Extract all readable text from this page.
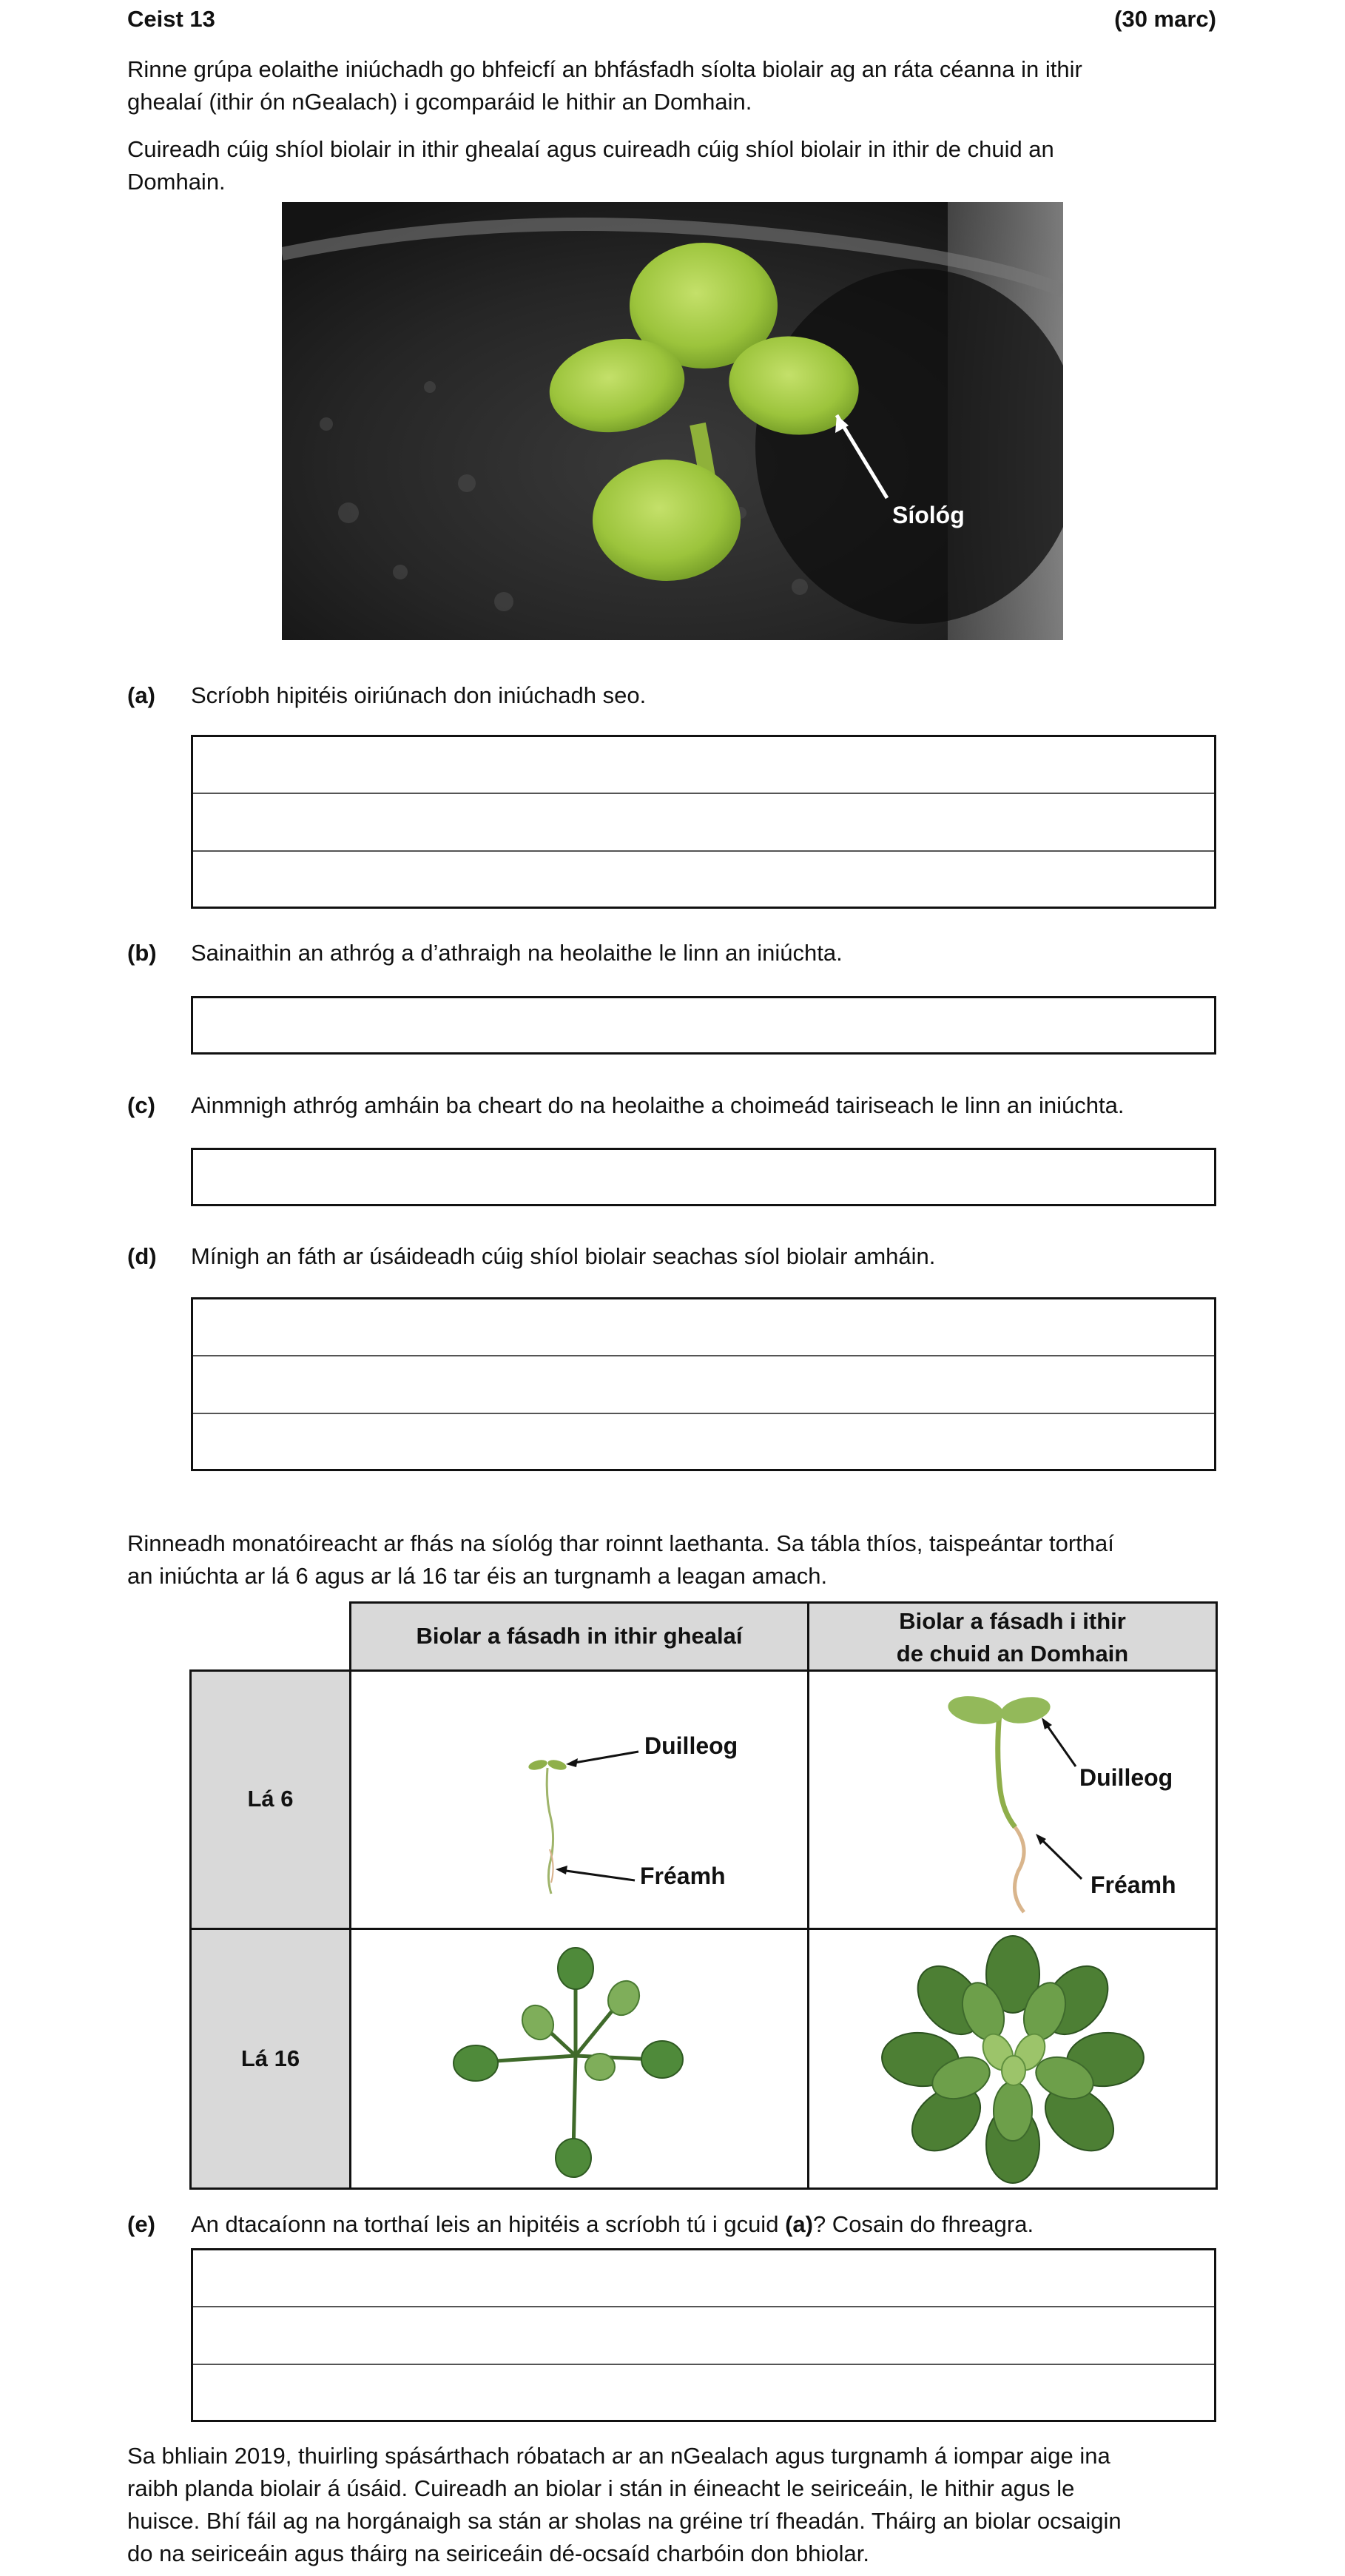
Ceist 13	(30 marc)
Rinne grúpa eolaithe iniúchadh go bhfeicfí an bhfásfadh síolta biolair ag an ráta céanna in ithir
ghealaí (ithir ón nGealach) i gcomparáid le hithir an Domhain.
Cuireadh cúig shíol biolair in ithir ghealaí agus cuireadh cúig shíol biolair in ithir de chuid an
Domhain.
Síológ
(a) Scríobh hipitéis oiriúnach don iniúchadh seo.
(b) Sainaithin an athróg a d’athraigh na heolaithe le linn an iniúchta.
(c) Ainmnigh athróg amháin ba cheart do na heolaithe a choimeád tairiseach le linn an iniúchta.
(d) Mínigh an fáth ar úsáideadh cúig shíol biolair seachas síol biolair amháin.
Rinneadh monatóireacht ar fhás na síológ thar roinnt laethanta. Sa tábla thíos, taispeántar torthaí
an iniúchta ar lá 6 agus ar lá 16 tar éis an turgnamh a leagan amach.
Biolar a fásadh in ithir ghealaí
Biolar a fásadh i ithir
de chuid an Domhain
Lá 6
Lá 16
Duilleog
Fréamh
Duilleog
Fréamh
(e) An dtacaíonn na torthaí leis an hipitéis a scríobh tú i gcuid (a)? Cosain do fhreagra.
Sa bhliain 2019, thuirling spásárthach róbatach ar an nGealach agus turgnamh á iompar aige ina
raibh planda biolair á úsáid. Cuireadh an biolar i stán in éineacht le seiriceáin, le hithir agus le
huisce. Bhí fáil ag na horgánaigh sa stán ar sholas na gréine trí fheadán. Tháirg an biolar ocsaigin
do na seiriceáin agus tháirg na seiriceáin dé-ocsaíd charbóin don bhiolar.
